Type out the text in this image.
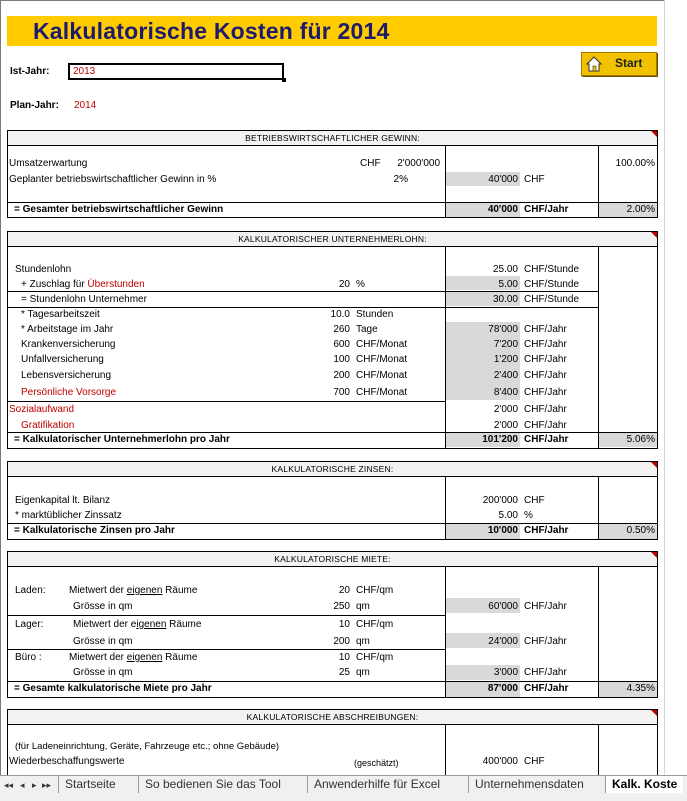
Kalkulatorische Kosten für 2014
Ist-Jahr:	2013
Plan-Jahr: 2014
Start
BETRIEBSWIRTSCHAFTLICHER GEWINN:
Umsatzerwartung	CHF	2'000'000	100.00%
Geplanter betriebswirtschaftlicher Gewinn in %	2%	40'000 CHF
= Gesamter betriebswirtschaftlicher Gewinn	40'000 CHF/Jahr	2.00%
KALKULATORISCHER UNTERNEHMERLOHN:
Stundenlohn	25.00 CHF/Stunde
+ Zuschlag für Überstunden	20 %	5.00 CHF/Stunde
= Stundenlohn Unternehmer	30.00 CHF/Stunde
* Tagesarbeitszeit	10.0 Stunden
* Arbeitstage im Jahr	260 Tage	78'000 CHF/Jahr
Krankenversicherung	600 CHF/Monat	7'200 CHF/Jahr
Unfallversicherung	100 CHF/Monat	1'200 CHF/Jahr
Lebensversicherung	200 CHF/Monat	2'400 CHF/Jahr
Persönliche Vorsorge	700 CHF/Monat	8'400 CHF/Jahr
Sozialaufwand	2'000 CHF/Jahr
Gratifikation	2'000 CHF/Jahr
= Kalkulatorischer Unternehmerlohn pro Jahr	101'200 CHF/Jahr	5.06%
KALKULATORISCHE ZINSEN:
Eigenkapital lt. Bilanz	200'000 CHF
* marktüblicher Zinssatz	5.00 %
= Kalkulatorische Zinsen pro Jahr	10'000 CHF/Jahr	0.50%
KALKULATORISCHE MIETE:
Laden: Mietwert der eigenen Räume	20 CHF/qm
Grösse in qm	250 qm	60'000 CHF/Jahr
Lager:	Mietwert der eigenen Räume	10 CHF/qm
Grösse in qm	200 qm	24'000 CHF/Jahr
Büro :	Mietwert der eigenen Räume	10 CHF/qm
Grösse in qm	25 qm	3'000 CHF/Jahr
= Gesamte kalkulatorische Miete pro Jahr	87'000 CHF/Jahr	4.35%
KALKULATORISCHE ABSCHREIBUNGEN:
(für Ladeneinrichtung, Geräte, Fahrzeuge etc.; ohne Gebäude)
Wiederbeschaffungswerte	(geschätzt)	400'000 CHF
◂◂ ◂ ▸ ▸▸	Startseite	So bedienen Sie das Tool	Anwenderhilfe für Excel	Unternehmensdaten	Kalk. Koste
